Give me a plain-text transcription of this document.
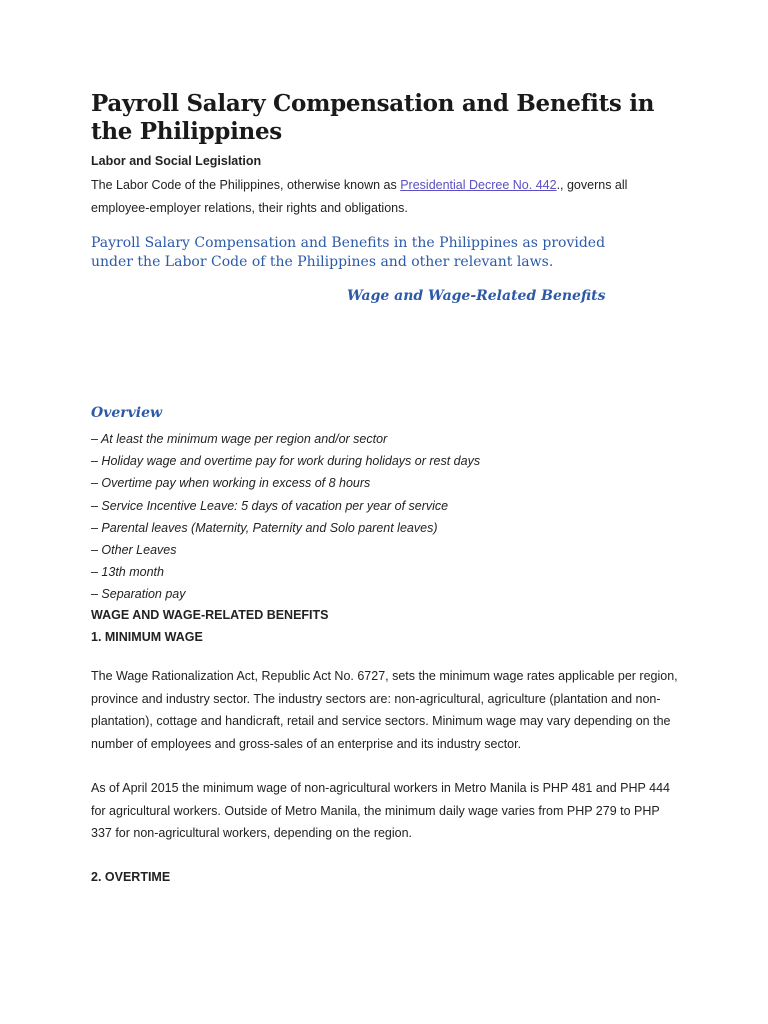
Payroll Salary Compensation and Benefits in the Philippines

Labor and Social Legislation

The Labor Code of the Philippines, otherwise known as Presidential Decree No. 442., governs all employee-employer relations, their rights and obligations.

Payroll Salary Compensation and Benefits in the Philippines as provided under the Labor Code of the Philippines and other relevant laws.

Wage and Wage-Related Benefits
Overview
– At least the minimum wage per region and/or sector
– Holiday wage and overtime pay for work during holidays or rest days
– Overtime pay when working in excess of 8 hours
– Service Incentive Leave: 5 days of vacation per year of service
– Parental leaves (Maternity, Paternity and Solo parent leaves)
– Other Leaves
– 13th month
– Separation pay

WAGE AND WAGE-RELATED BENEFITS

1. MINIMUM WAGE

The Wage Rationalization Act, Republic Act No. 6727, sets the minimum wage rates applicable per region, province and industry sector. The industry sectors are: non-agricultural, agriculture (plantation and non-plantation), cottage and handicraft, retail and service sectors. Minimum wage may vary depending on the number of employees and gross-sales of an enterprise and its industry sector.

As of April 2015 the minimum wage of non-agricultural workers in Metro Manila is PHP 481 and PHP 444 for agricultural workers. Outside of Metro Manila, the minimum daily wage varies from PHP 279 to PHP 337 for non-agricultural workers, depending on the region.

2. OVERTIME
